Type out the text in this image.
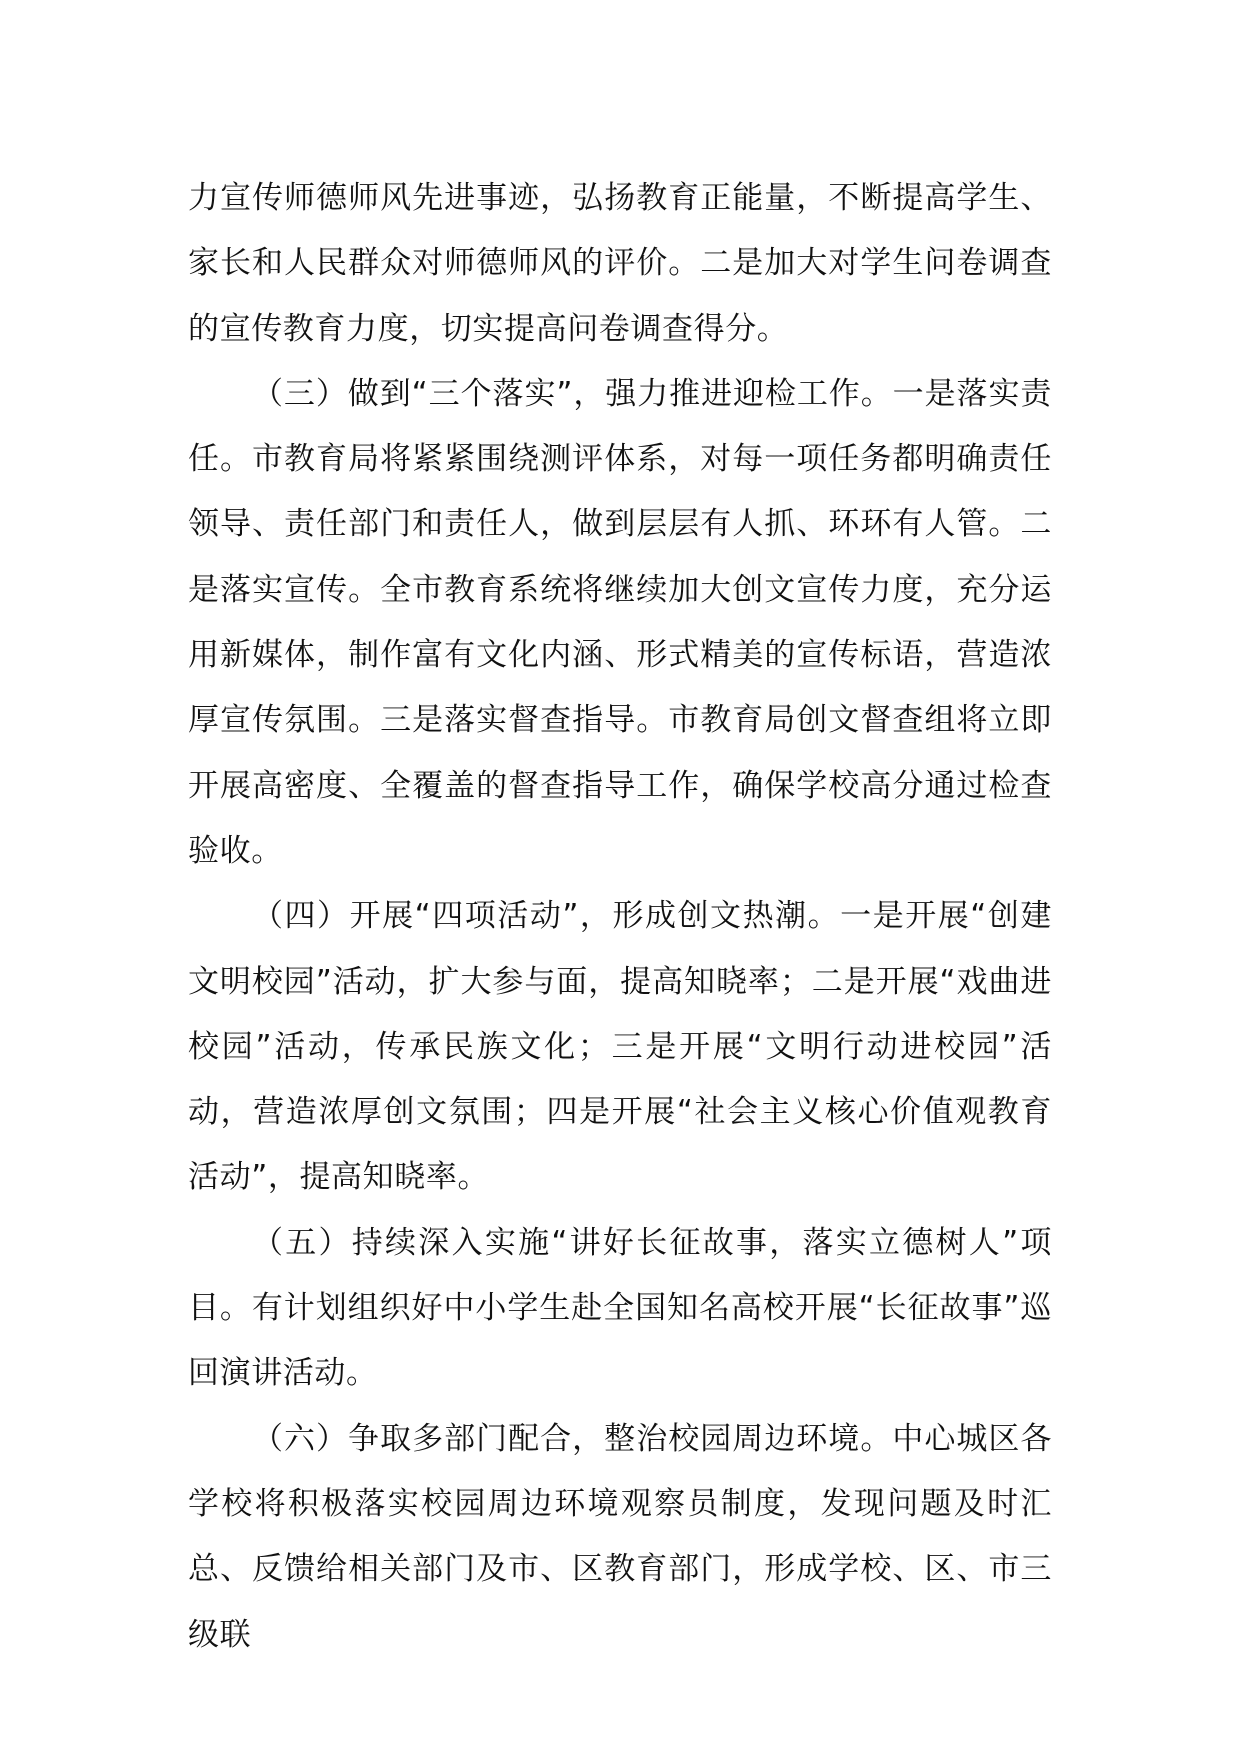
力宣传师德师风先进事迹，弘扬教育正能量，不断提高学生、家长和人民群众对师德师风的评价。二是加大对学生问卷调查的宣传教育力度，切实提高问卷调查得分。

（三）做到“三个落实”，强力推进迎检工作。一是落实责任。市教育局将紧紧围绕测评体系，对每一项任务都明确责任领导、责任部门和责任人，做到层层有人抓、环环有人管。二是落实宣传。全市教育系统将继续加大创文宣传力度，充分运用新媒体，制作富有文化内涵、形式精美的宣传标语，营造浓厚宣传氛围。三是落实督查指导。市教育局创文督查组将立即开展高密度、全覆盖的督查指导工作，确保学校高分通过检查验收。

（四）开展“四项活动”，形成创文热潮。一是开展“创建文明校园”活动，扩大参与面，提高知晓率；二是开展“戏曲进校园”活动，传承民族文化；三是开展“文明行动进校园”活动，营造浓厚创文氛围；四是开展“社会主义核心价值观教育活动”，提高知晓率。

（五）持续深入实施“讲好长征故事，落实立德树人”项目。有计划组织好中小学生赴全国知名高校开展“长征故事”巡回演讲活动。

（六）争取多部门配合，整治校园周边环境。中心城区各学校将积极落实校园周边环境观察员制度，发现问题及时汇总、反馈给相关部门及市、区教育部门，形成学校、区、市三级联
